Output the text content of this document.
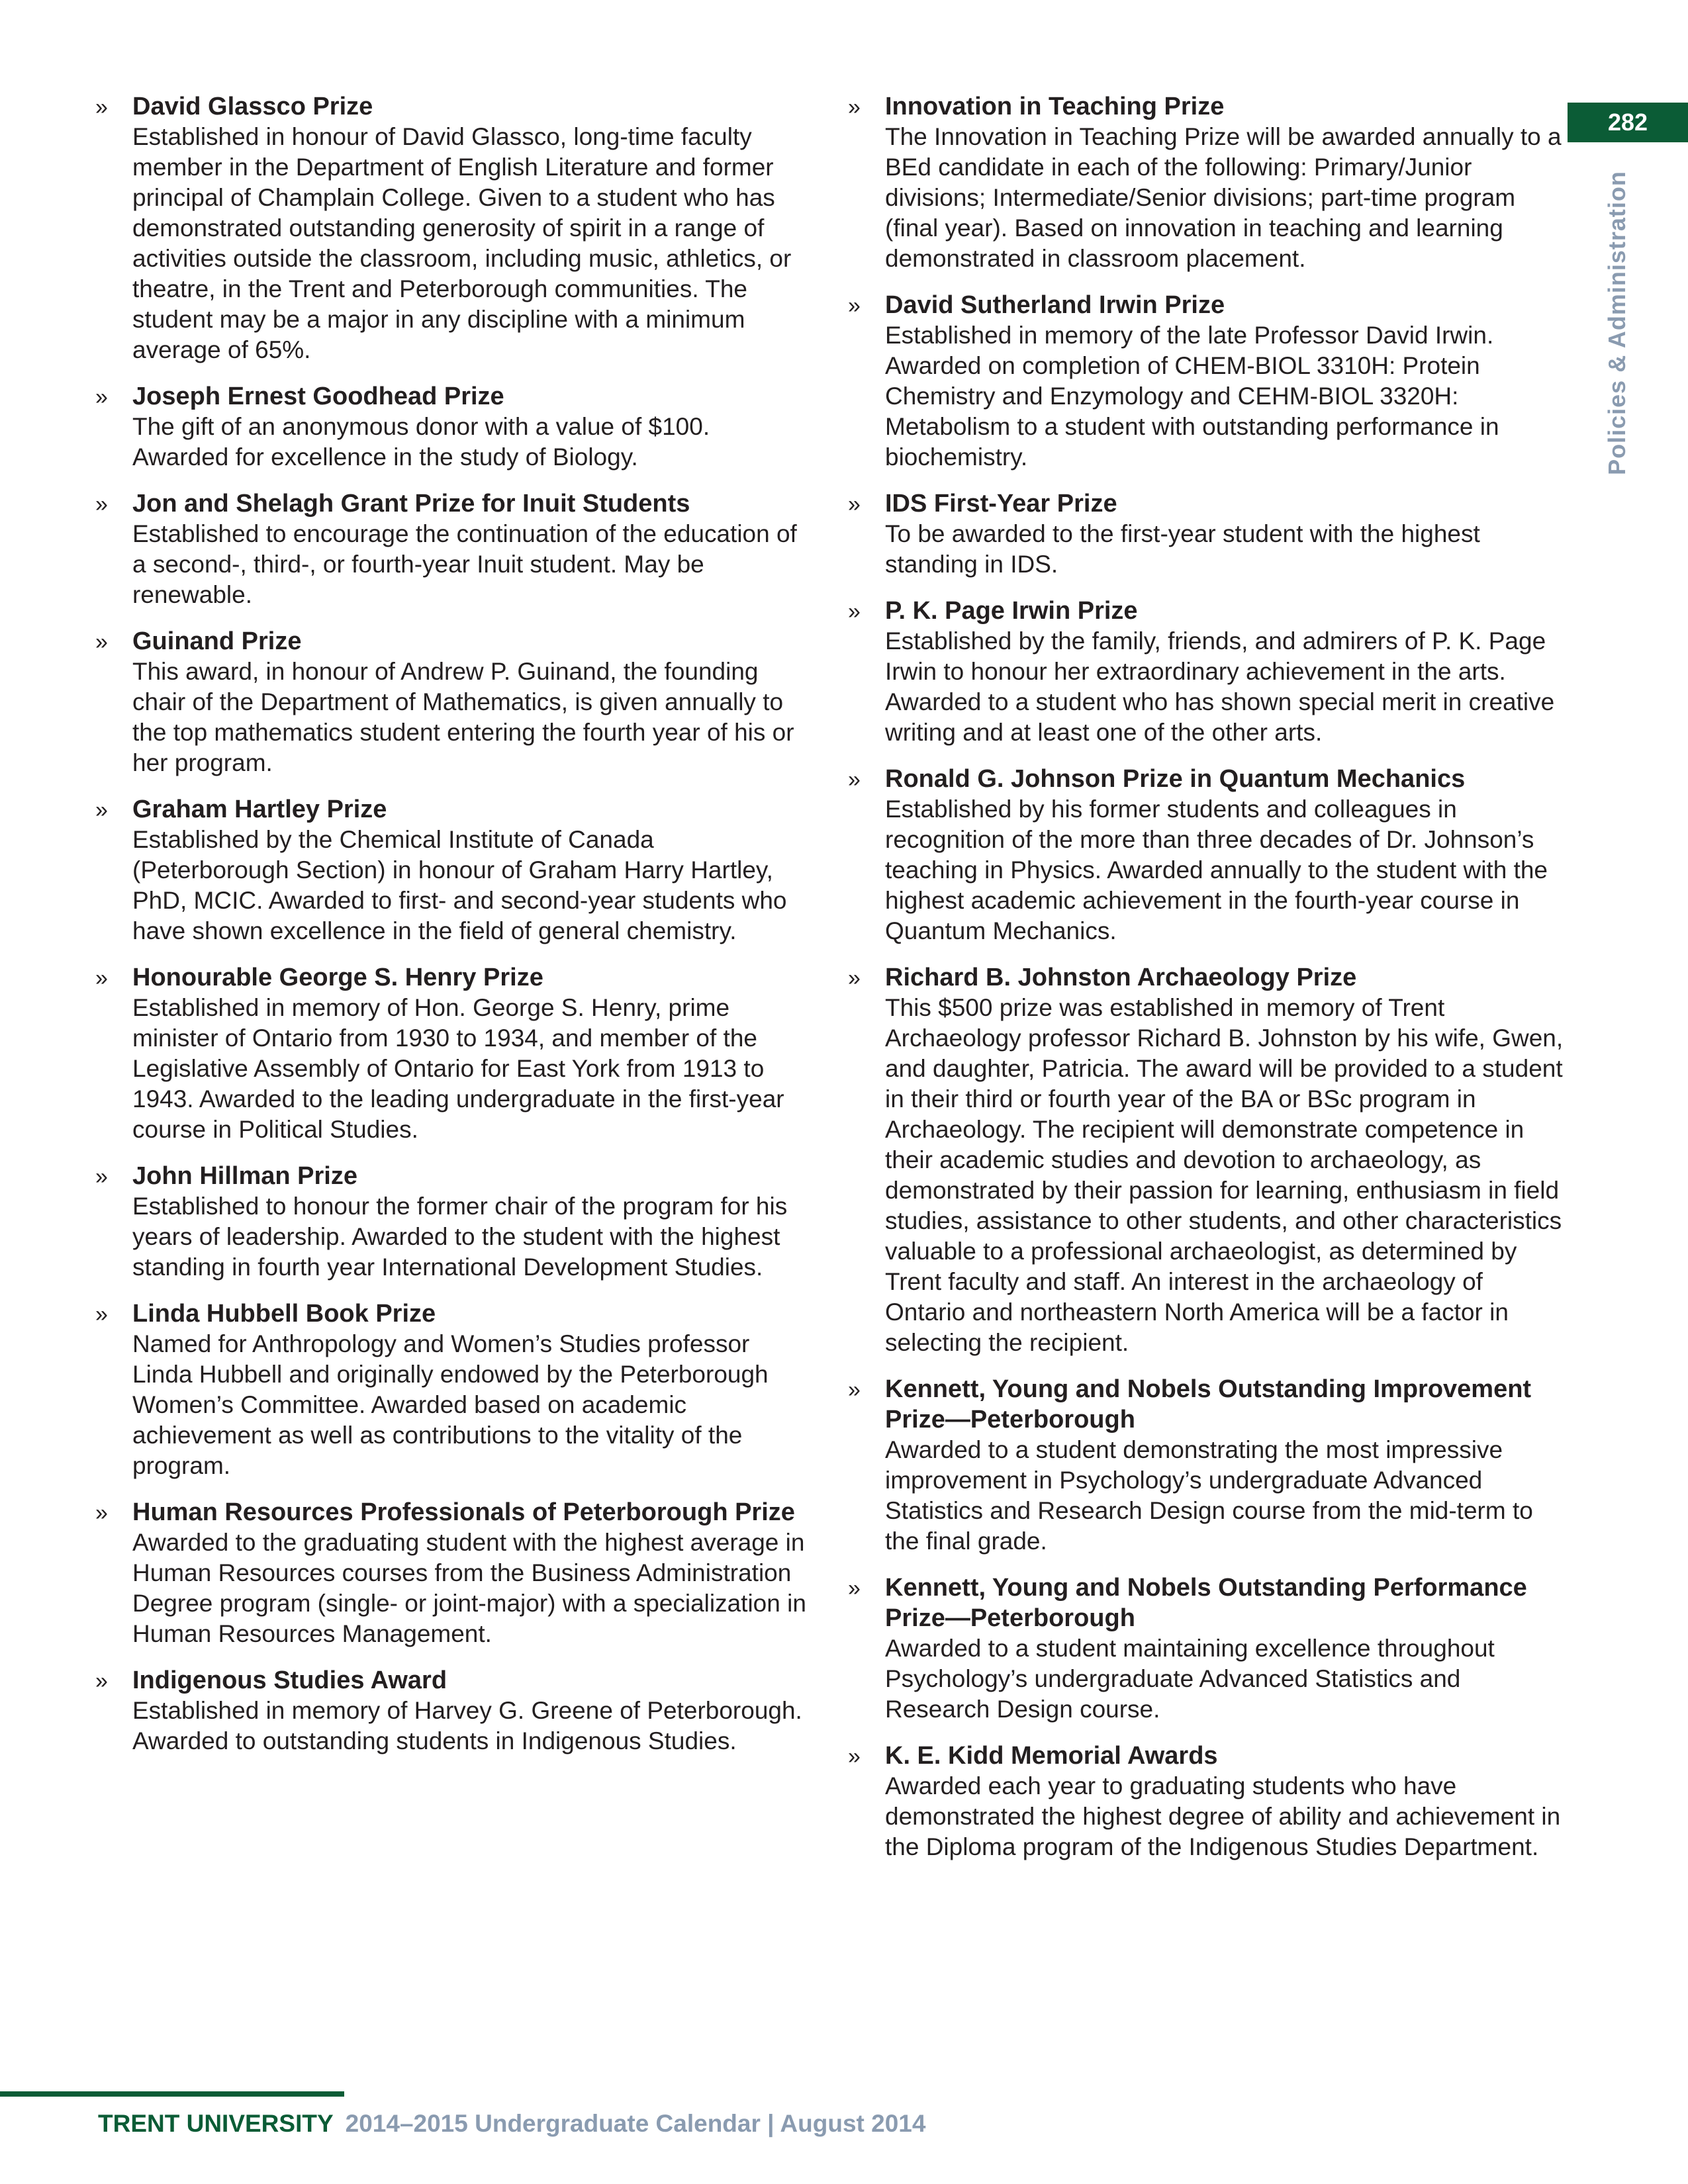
» David Glassco Prize

Established in honour of David Glassco, long-time faculty member in the Department of English Literature and former principal of Champlain College. Given to a student who has demonstrated outstanding generosity of spirit in a range of activities outside the classroom, including music, athletics, or theatre, in the Trent and Peterborough communities. The student may be a major in any discipline with a minimum average of 65%.

» Joseph Ernest Goodhead Prize

The gift of an anonymous donor with a value of $100. Awarded for excellence in the study of Biology.

» Jon and Shelagh Grant Prize for Inuit Students

Established to encourage the continuation of the education of a second-, third-, or fourth-year Inuit student. May be renewable.

» Guinand Prize

This award, in honour of Andrew P. Guinand, the founding chair of the Department of Mathematics, is given annually to the top mathematics student entering the fourth year of his or her program.

» Graham Hartley Prize

Established by the Chemical Institute of Canada (Peterborough Section) in honour of Graham Harry Hartley, PhD, MCIC. Awarded to first- and second-year students who have shown excellence in the field of general chemistry.

» Honourable George S. Henry Prize

Established in memory of Hon. George S. Henry, prime minister of Ontario from 1930 to 1934, and member of the Legislative Assembly of Ontario for East York from 1913 to 1943. Awarded to the leading undergraduate in the first-year course in Political Studies.

» John Hillman Prize

Established to honour the former chair of the program for his years of leadership. Awarded to the student with the highest standing in fourth year International Development Studies.

» Linda Hubbell Book Prize

Named for Anthropology and Women’s Studies professor Linda Hubbell and originally endowed by the Peterborough Women’s Committee. Awarded based on academic achievement as well as contributions to the vitality of the program.

» Human Resources Professionals of Peterborough Prize

Awarded to the graduating student with the highest average in Human Resources courses from the Business Administration Degree program (single- or joint-major) with a specialization in Human Resources Management.

» Indigenous Studies Award

Established in memory of Harvey G. Greene of Peterborough. Awarded to outstanding students in Indigenous Studies.

» Innovation in Teaching Prize

The Innovation in Teaching Prize will be awarded annually to a BEd candidate in each of the following: Primary/Junior divisions; Intermediate/Senior divisions; part-time program (final year). Based on innovation in teaching and learning demonstrated in classroom placement.

» David Sutherland Irwin Prize

Established in memory of the late Professor David Irwin. Awarded on completion of CHEM-BIOL 3310H: Protein Chemistry and Enzymology and CEHM-BIOL 3320H: Metabolism to a student with outstanding performance in biochemistry.

» IDS First-Year Prize

To be awarded to the first-year student with the highest standing in IDS.

» P. K. Page Irwin Prize

Established by the family, friends, and admirers of P. K. Page Irwin to honour her extraordinary achievement in the arts. Awarded to a student who has shown special merit in creative writing and at least one of the other arts.

» Ronald G. Johnson Prize in Quantum Mechanics

Established by his former students and colleagues in recognition of the more than three decades of Dr. Johnson’s teaching in Physics. Awarded annually to the student with the highest academic achievement in the fourth-year course in Quantum Mechanics.

» Richard B. Johnston Archaeology Prize

This $500 prize was established in memory of Trent Archaeology professor Richard B. Johnston by his wife, Gwen, and daughter, Patricia. The award will be provided to a student in their third or fourth year of the BA or BSc program in Archaeology. The recipient will demonstrate competence in their academic studies and devotion to archaeology, as demonstrated by their passion for learning, enthusiasm in field studies, assistance to other students, and other characteristics valuable to a professional archaeologist, as determined by Trent faculty and staff. An interest in the archaeology of Ontario and northeastern North America will be a factor in selecting the recipient.

» Kennett, Young and Nobels Outstanding Improvement Prize—Peterborough

Awarded to a student demonstrating the most impressive improvement in Psychology’s undergraduate Advanced Statistics and Research Design course from the mid-term to the final grade.

» Kennett, Young and Nobels Outstanding Performance Prize—Peterborough

Awarded to a student maintaining excellence throughout Psychology’s undergraduate Advanced Statistics and Research Design course.

» K. E. Kidd Memorial Awards

Awarded each year to graduating students who have demonstrated the highest degree of ability and achievement in the Diploma program of the Indigenous Studies Department.

282
Policies & Administration
TRENT UNIVERSITY 2014–2015 Undergraduate Calendar | August 2014
